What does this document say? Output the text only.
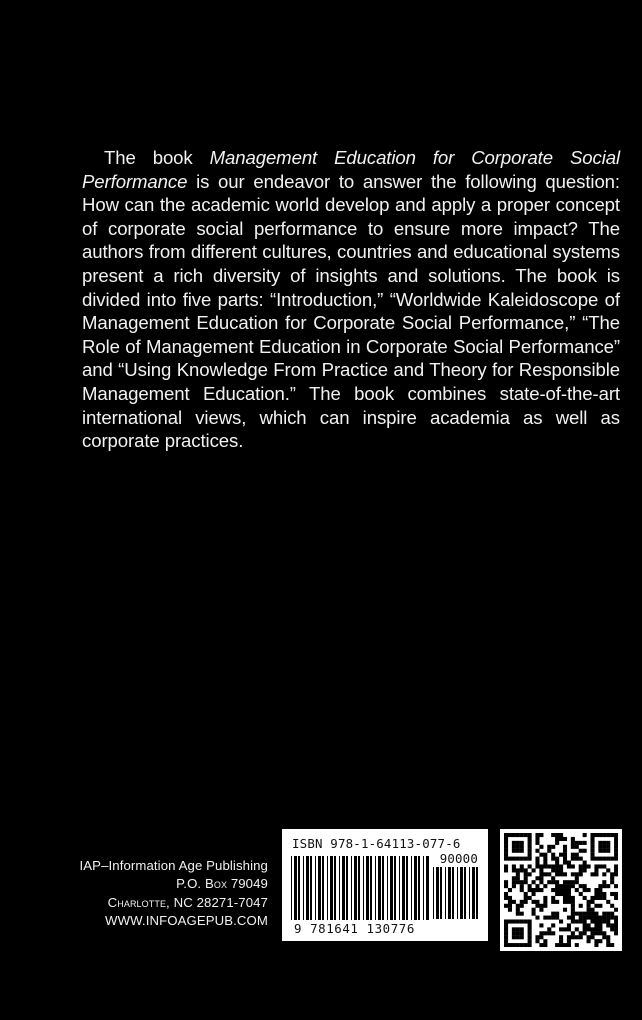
The book Management Education for Corporate Social Performance is our endeavor to answer the following question: How can the academic world develop and apply a proper concept of corporate social performance to ensure more impact? The authors from different cultures, countries and educational systems present a rich diversity of insights and solutions. The book is divided into five parts: “Introduction,” “Worldwide Kaleidoscope of Management Education for Corporate Social Performance,” “The Role of Management Education in Corporate Social Performance” and “Using Knowledge From Practice and Theory for Responsible Management Education.” The book combines state-of-the-art international views, which can inspire academia as well as corporate practices.

IAP–Information Age Publishing
P.O. Box 79049
Charlotte, NC 28271-7047
WWW.INFOAGEPUB.COM
ISBN 978-1-64113-077-6
90000
9 781641 130776
